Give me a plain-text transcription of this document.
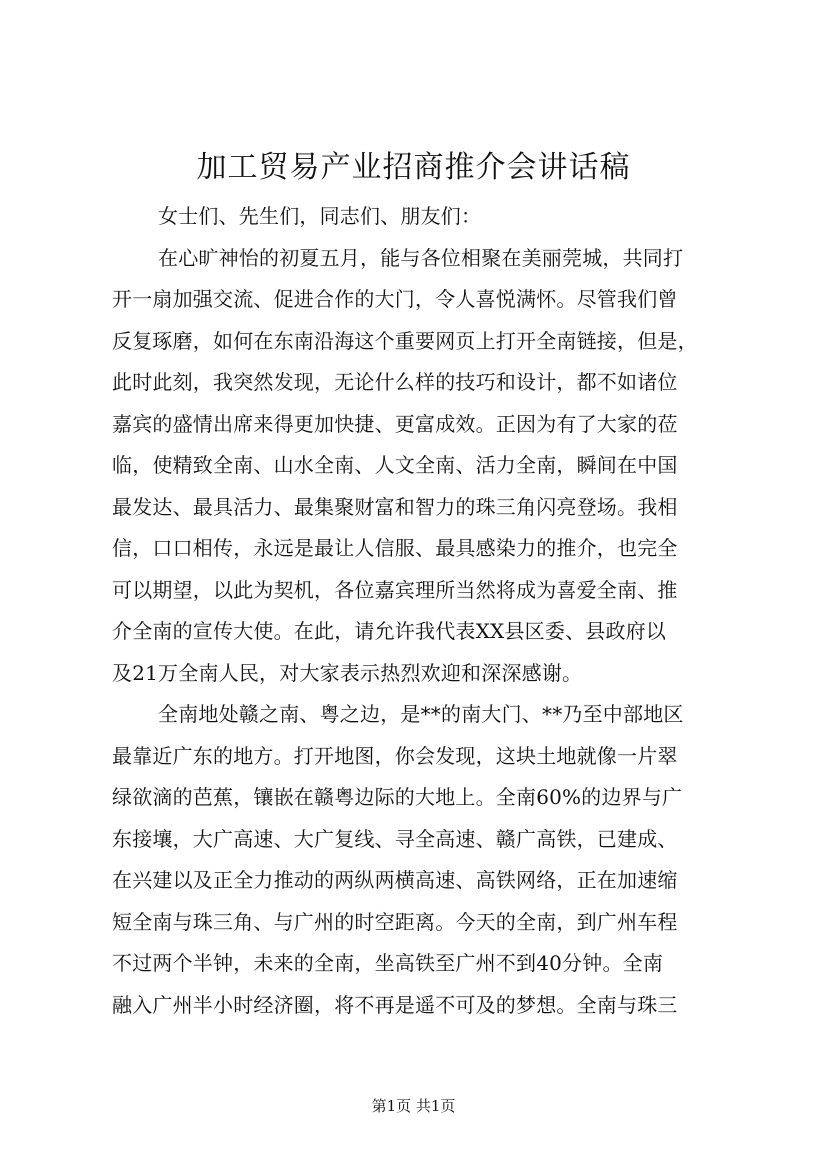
加工贸易产业招商推介会讲话稿
女士们、先生们，同志们、朋友们：
在心旷神怡的初夏五月，能与各位相聚在美丽莞城，共同打
开一扇加强交流、促进合作的大门，令人喜悦满怀。尽管我们曾
反复琢磨，如何在东南沿海这个重要网页上打开全南链接，但是，
此时此刻，我突然发现，无论什么样的技巧和设计，都不如诸位
嘉宾的盛情出席来得更加快捷、更富成效。正因为有了大家的莅
临，使精致全南、山水全南、人文全南、活力全南，瞬间在中国
最发达、最具活力、最集聚财富和智力的珠三角闪亮登场。我相
信，口口相传，永远是最让人信服、最具感染力的推介，也完全
可以期望，以此为契机，各位嘉宾理所当然将成为喜爱全南、推
介全南的宣传大使。在此，请允许我代表XX县区委、县政府以
及21万全南人民，对大家表示热烈欢迎和深深感谢。
全南地处赣之南、粤之边，是**的南大门、**乃至中部地区
最靠近广东的地方。打开地图，你会发现，这块土地就像一片翠
绿欲滴的芭蕉，镶嵌在赣粤边际的大地上。全南60%的边界与广
东接壤，大广高速、大广复线、寻全高速、赣广高铁，已建成、
在兴建以及正全力推动的两纵两横高速、高铁网络，正在加速缩
短全南与珠三角、与广州的时空距离。今天的全南，到广州车程
不过两个半钟，未来的全南，坐高铁至广州不到40分钟。全南
融入广州半小时经济圈，将不再是遥不可及的梦想。全南与珠三
第1页 共1页
